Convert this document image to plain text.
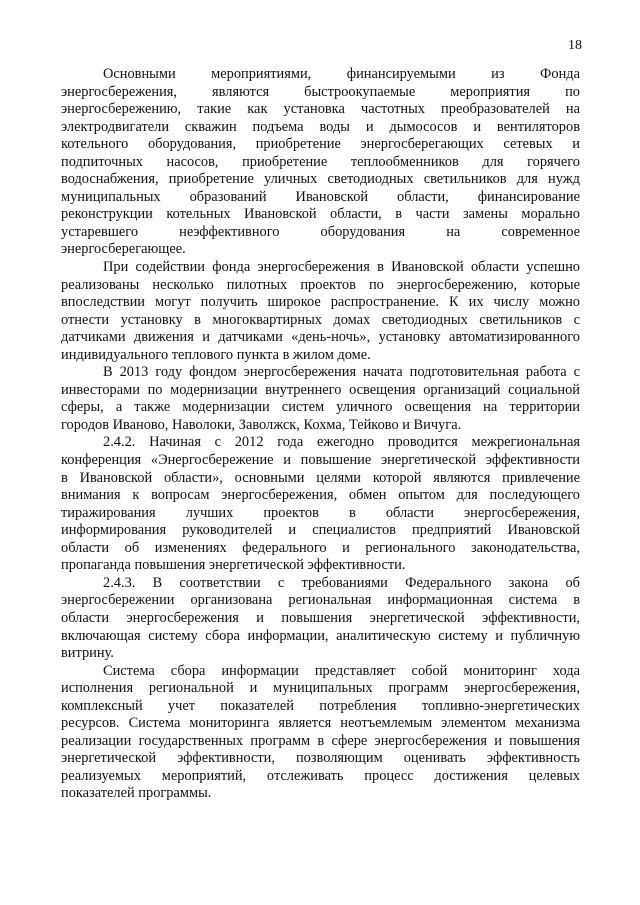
18
Основными мероприятиями, финансируемыми из Фонда
энергосбережения, являются быстроокупаемые мероприятия по
энергосбережению, такие как установка частотных преобразователей на
электродвигатели скважин подъема воды и дымососов и вентиляторов
котельного оборудования, приобретение энергосберегающих сетевых и
подпиточных насосов, приобретение теплообменников для горячего
водоснабжения, приобретение уличных светодиодных светильников для нужд
муниципальных образований Ивановской области, финансировaние
реконструкции котельных Ивановской области, в части замены морально
устаревшего неэффективного оборудования на современное
энергосберегающее.
При содействии фонда энергосбережения в Ивановской области успешно
реализованы несколько пилотных проектов по энергосбережению, которые
впоследствии могут получить широкое распространение. К их числу можно
отнести установку в многоквартирных домах светодиодных светильников с
датчиками движения и датчиками «день-ночь», установку автоматизированного
индивидуального теплового пункта в жилом доме.
В 2013 году фондом энергосбережения начата подготовительная работа с
инвесторами по модернизации внутреннего освещения организаций социальной
сферы, а также модернизации систем уличного освещения на территории
городов Иваново, Наволоки, Заволжск, Кохма, Тейково и Вичуга.
2.4.2. Начиная с 2012 года ежегодно проводится межрегиональная
конференция «Энергосбережение и повышение энергетической эффективности
в Ивановской области», основными целями которой являются привлечение
внимания к вопросам энергосбережения, обмен опытом для последующего
тиражирования лучших проектов в области энергосбережения,
информирования руководителей и специалистов предприятий Ивановской
области об изменениях федерального и регионального законодательства,
пропаганда повышения энергетической эффективности.
2.4.3. В соответствии с требованиями Федерального закона об
энергосбережении организована региональная информационная система в
области энергосбережения и повышения энергетической эффективности,
включающая систему сбора информации, аналитическую систему и публичную
витрину.
Система сбора информации представляет собой мониторинг хода
исполнения региональной и муниципальных программ энергосбережения,
комплексный учет показателей потребления топливно-энергетических
ресурсов. Система мониторинга является неотъемлемым элементом механизма
реализации государственных программ в сфере энергосбережения и повышения
энергетической эффективности, позволяющим оценивать эффективность
реализуемых мероприятий, отслеживать процесс достижения целевых
показателей программы.
